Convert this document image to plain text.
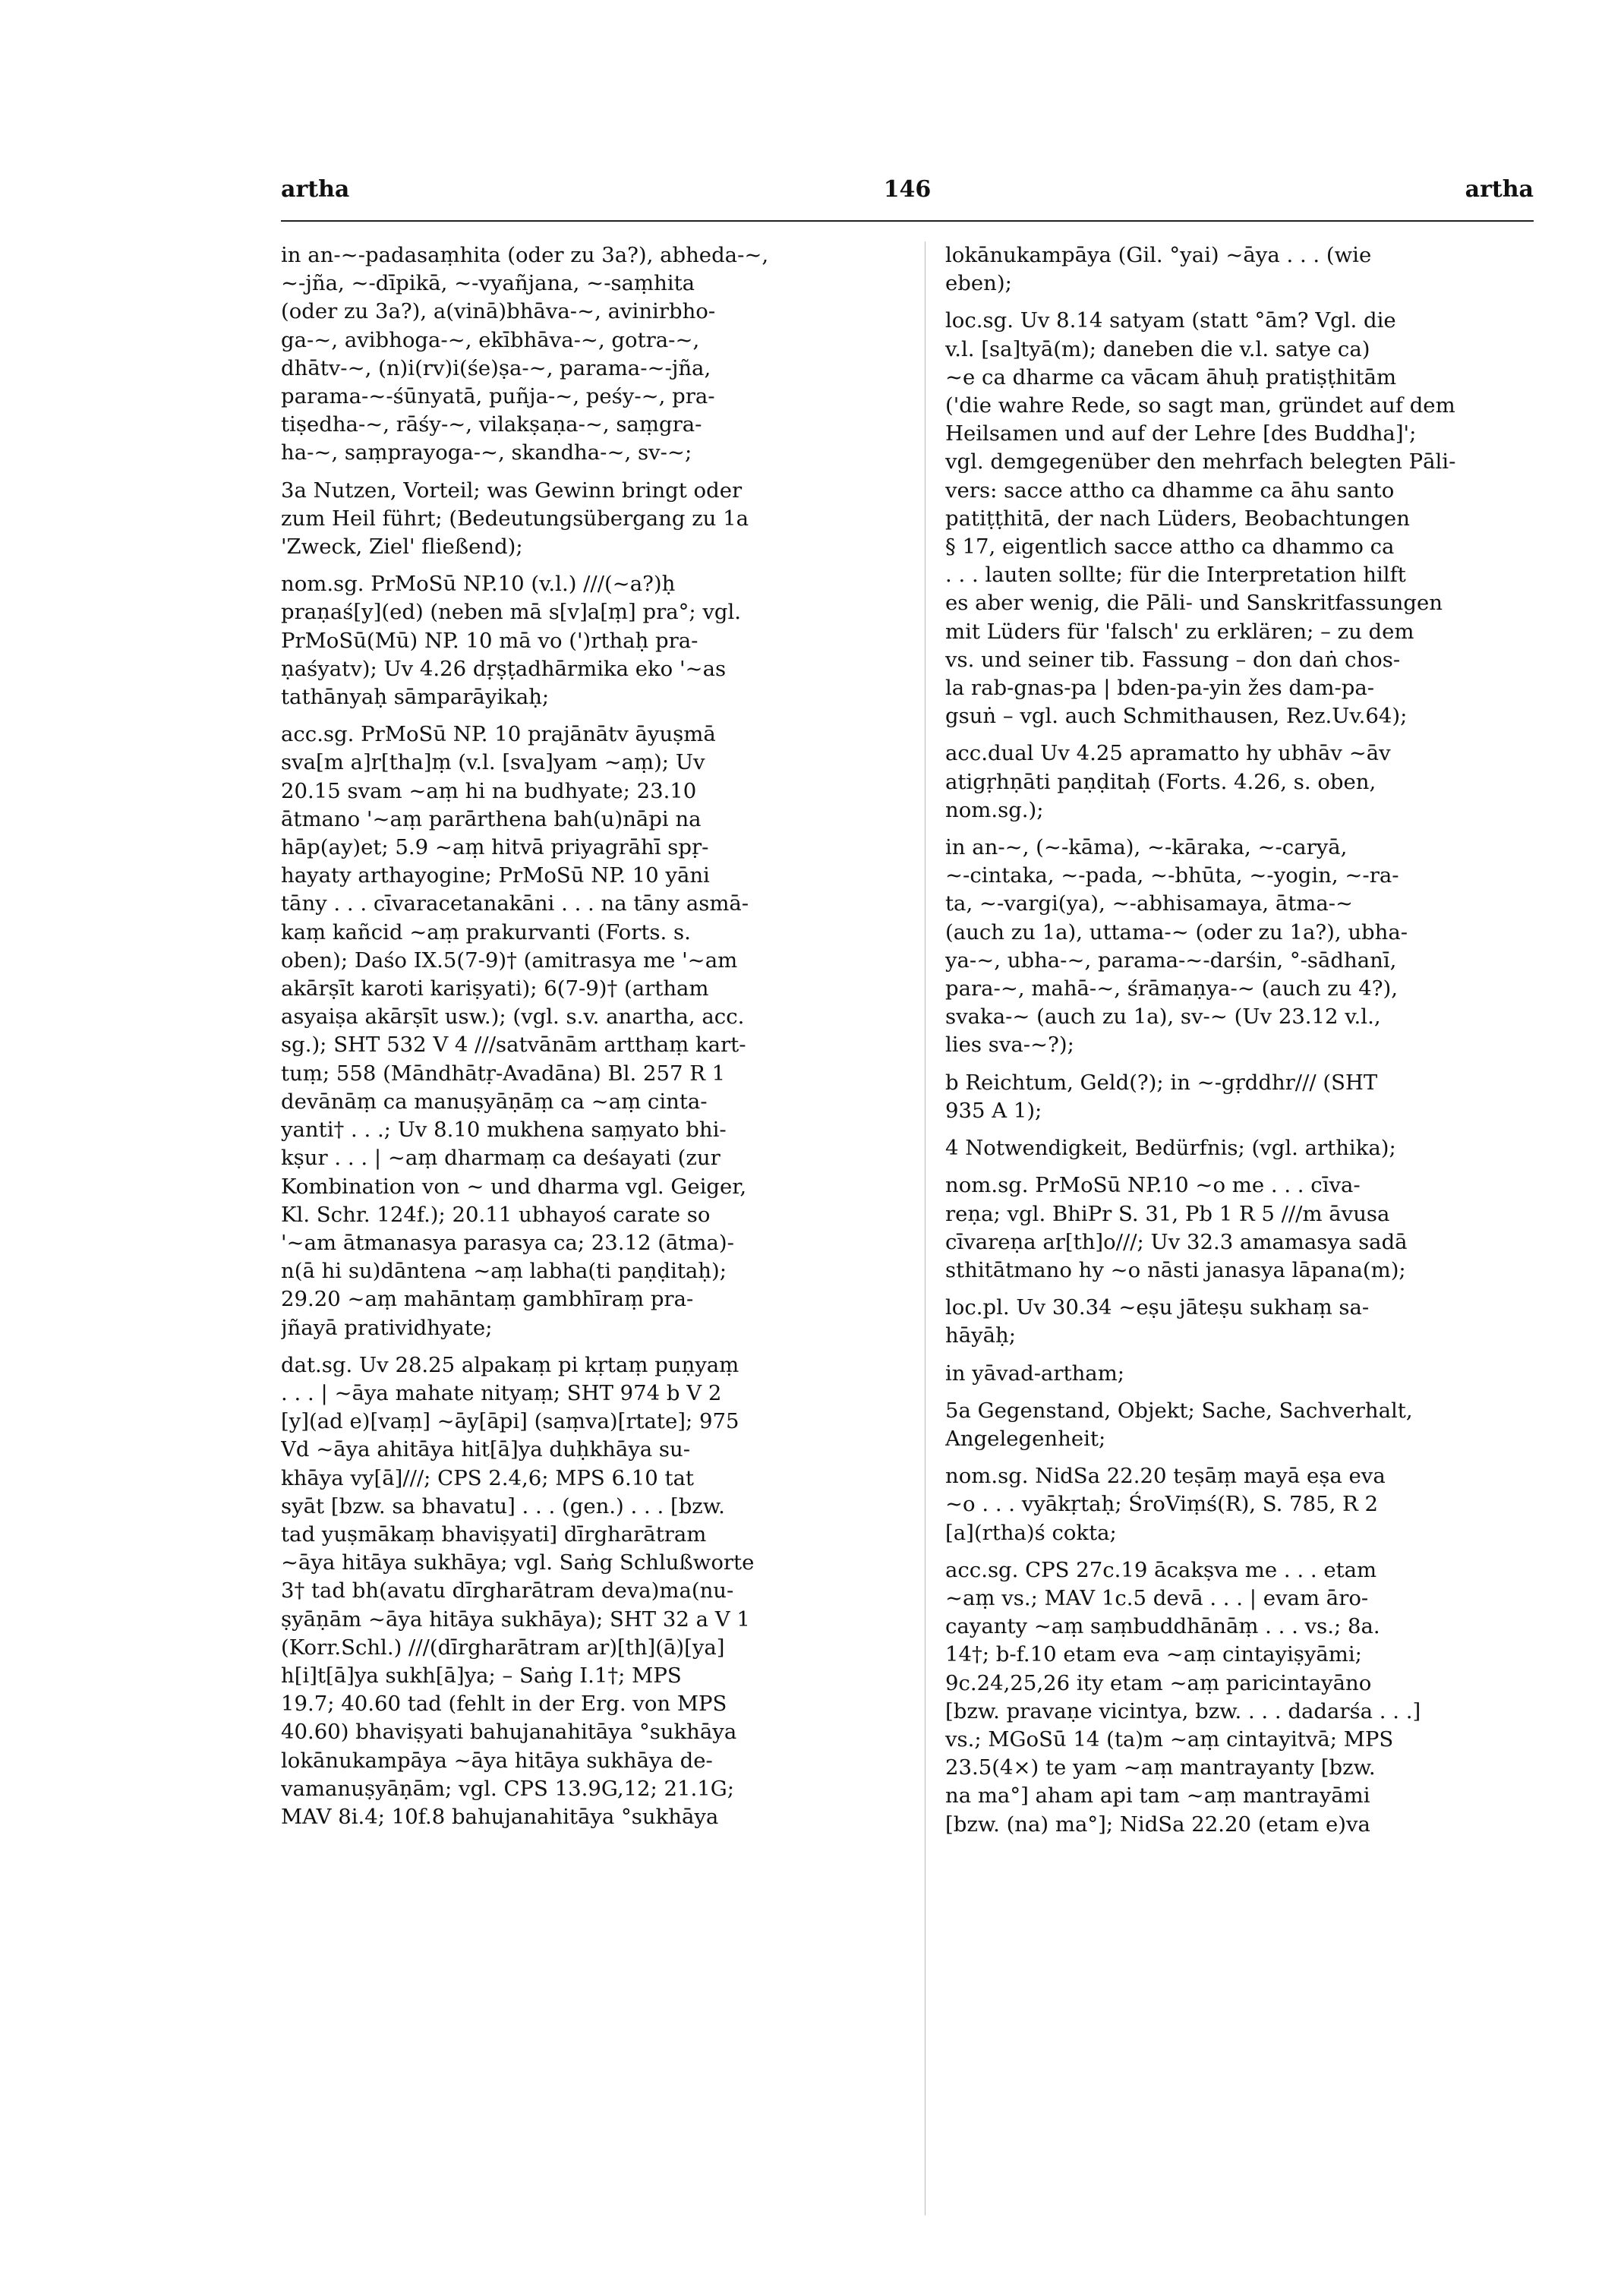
146
artha	artha

in an-~-padasaṃhita (oder zu 3a?), abheda-~,
~-jña, ~-dīpikā, ~-vyañjana, ~-saṃhita
(oder zu 3a?), a(vinā)bhāva-~, avinirbho-
ga-~, avibhoga-~, ekībhāva-~, gotra-~,
dhātv-~, (n)i(rv)i(śe)ṣa-~, parama-~-jña,
parama-~-śūnyatā, puñja-~, peśy-~, pra-
tiṣedha-~, rāśy-~, vilakṣaṇa-~, saṃgra-
ha-~, saṃprayoga-~, skandha-~, sv-~;

3a Nutzen, Vorteil; was Gewinn bringt oder
zum Heil führt; (Bedeutungsübergang zu 1a
'Zweck, Ziel' fließend);

nom.sg. PrMoSū NP.10 (v.l.) ///(~a?)ḥ
praṇaś[y](ed) (neben mā s[v]a[ṃ] pra°; vgl.
PrMoSū(Mū) NP. 10 mā vo (')rthaḥ pra-
ṇaśyatv); Uv 4.26 dṛṣṭadhārmika eko '~as
tathānyaḥ sāmparāyikaḥ;

acc.sg. PrMoSū NP. 10 prajānātv āyuṣmā
sva[m a]r[tha]ṃ (v.l. [sva]yam ~aṃ); Uv
20.15 svam ~aṃ hi na budhyate; 23.10
ātmano '~aṃ parārthena bah(u)nāpi na
hāp(ay)et; 5.9 ~aṃ hitvā priyagrāhī spṛ-
hayaty arthayogine; PrMoSū NP. 10 yāni
tāny . . . cīvaracetanakāni . . . na tāny asmā-
kaṃ kañcid ~aṃ prakurvanti (Forts. s.
oben); Daśo IX.5(7-9)† (amitrasya me '~am
akārṣīt karoti kariṣyati); 6(7-9)† (artham
asyaiṣa akārṣīt usw.); (vgl. s.v. anartha, acc.
sg.); SHT 532 V 4 ///satvānām artthaṃ kart-
tuṃ; 558 (Māndhātṛ-Avadāna) Bl. 257 R 1
devānāṃ ca manuṣyāṇāṃ ca ~aṃ cinta-
yanti† . . .; Uv 8.10 mukhena saṃyato bhi-
kṣur . . . | ~aṃ dharmaṃ ca deśayati (zur
Kombination von ~ und dharma vgl. Geiger,
Kl. Schr. 124f.); 20.11 ubhayoś carate so
'~am ātmanasya parasya ca; 23.12 (ātma)-
n(ā hi su)dāntena ~aṃ labha(ti paṇḍitaḥ);
29.20 ~aṃ mahāntaṃ gambhīraṃ pra-
jñayā pratividhyate;

dat.sg. Uv 28.25 alpakaṃ pi kṛtaṃ puṇyaṃ
. . . | ~āya mahate nityaṃ; SHT 974 b V 2
[y](ad e)[vaṃ] ~āy[āpi] (saṃva)[rtate]; 975
Vd ~āya ahitāya hit[ā]ya duḥkhāya su-
khāya vy[ā]///; CPS 2.4,6; MPS 6.10 tat
syāt [bzw. sa bhavatu] . . . (gen.) . . . [bzw.
tad yuṣmākaṃ bhaviṣyati] dīrgharātram
~āya hitāya sukhāya; vgl. Saṅg Schlußworte
3† tad bh(avatu dīrgharātram deva)ma(nu-
ṣyāṇām ~āya hitāya sukhāya); SHT 32 a V 1
(Korr.Schl.) ///(dīrgharātram ar)[th](ā)[ya]
h[i]t[ā]ya sukh[ā]ya; – Saṅg I.1†; MPS
19.7; 40.60 tad (fehlt in der Erg. von MPS
40.60) bhaviṣyati bahujanahitāya °sukhāya
lokānukampāya ~āya hitāya sukhāya de-
vamanuṣyāṇām; vgl. CPS 13.9G,12; 21.1G;
MAV 8i.4; 10f.8 bahujanahitāya °sukhāya

lokānukampāya (Gil. °yai) ~āya . . . (wie
eben);

loc.sg. Uv 8.14 satyam (statt °ām? Vgl. die
v.l. [sa]tyā(m); daneben die v.l. satye ca)
~e ca dharme ca vācam āhuḥ pratiṣṭhitām
('die wahre Rede, so sagt man, gründet auf dem
Heilsamen und auf der Lehre [des Buddha]';
vgl. demgegenüber den mehrfach belegten Pāli-
vers: sacce attho ca dhamme ca āhu santo
patiṭṭhitā, der nach Lüders, Beobachtungen
§ 17, eigentlich sacce attho ca dhammo ca
. . . lauten sollte; für die Interpretation hilft
es aber wenig, die Pāli- und Sanskritfassungen
mit Lüders für 'falsch' zu erklären; – zu dem
vs. und seiner tib. Fassung – don daṅ chos-
la rab-gnas-pa | bden-pa-yin žes dam-pa-
gsuṅ – vgl. auch Schmithausen, Rez.Uv.64);

acc.dual Uv 4.25 apramatto hy ubhāv ~āv
atigṛhṇāti paṇḍitaḥ (Forts. 4.26, s. oben,
nom.sg.);

in an-~, (~-kāma), ~-kāraka, ~-caryā,
~-cintaka, ~-pada, ~-bhūta, ~-yogin, ~-ra-
ta, ~-vargi(ya), ~-abhisamaya, ātma-~
(auch zu 1a), uttama-~ (oder zu 1a?), ubha-
ya-~, ubha-~, parama-~-darśin, °-sādhanī,
para-~, mahā-~, śrāmaṇya-~ (auch zu 4?),
svaka-~ (auch zu 1a), sv-~ (Uv 23.12 v.l.,
lies sva-~?);

b Reichtum, Geld(?); in ~-gṛddhr/// (SHT
935 A 1);

4 Notwendigkeit, Bedürfnis; (vgl. arthika);

nom.sg. PrMoSū NP.10 ~o me . . . cīva-
reṇa; vgl. BhiPr S. 31, Pb 1 R 5 ///m āvusa
cīvareṇa ar[th]o///; Uv 32.3 amamasya sadā
sthitātmano hy ~o nāsti janasya lāpana(m);

loc.pl. Uv 30.34 ~eṣu jāteṣu sukhaṃ sa-
hāyāḥ;

in yāvad-artham;

5a Gegenstand, Objekt; Sache, Sachverhalt,
Angelegenheit;

nom.sg. NidSa 22.20 teṣāṃ mayā eṣa eva
~o . . . vyākṛtaḥ; ŚroViṃś(R), S. 785, R 2
[a](rtha)ś cokta;

acc.sg. CPS 27c.19 ācakṣva me . . . etam
~aṃ vs.; MAV 1c.5 devā . . . | evam āro-
cayanty ~aṃ saṃbuddhānāṃ . . . vs.; 8a.
14†; b-f.10 etam eva ~aṃ cintayiṣyāmi;
9c.24,25,26 ity etam ~aṃ paricintayāno
[bzw. pravaṇe vicintya, bzw. . . . dadarśa . . .]
vs.; MGoSū 14 (ta)m ~aṃ cintayitvā; MPS
23.5(4×) te yam ~aṃ mantrayanty [bzw.
na ma°] aham api tam ~aṃ mantrayāmi
[bzw. (na) ma°]; NidSa 22.20 (etam e)va
